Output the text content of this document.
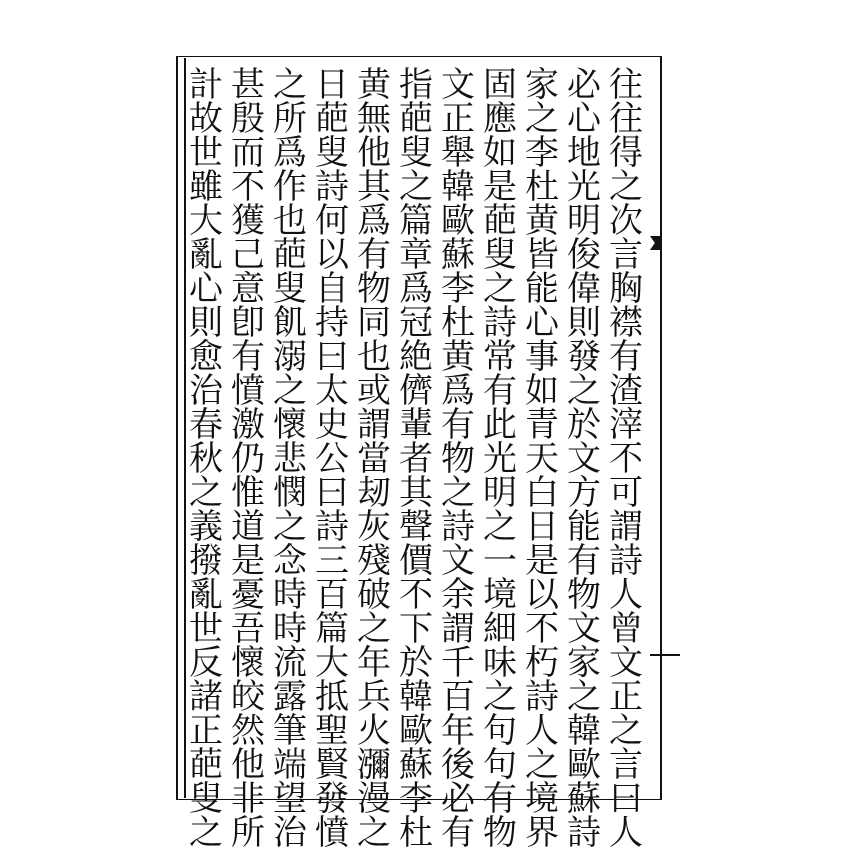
往
往
得
之
次
言
胸
襟
有
渣
滓
不
可
謂
詩
人
曾
文
正
之
言
曰
人
必
心
地
光
明
俊
偉
則
發
之
於
文
方
能
有
物
文
家
之
韓
歐
蘇
詩
家
之
李
杜
黄
皆
能
心
事
如
青
天
白
日
是
以
不
朽
詩
人
之
境
界
固
應
如
是
葩
叟
之
詩
常
有
此
光
明
之
一
境
細
味
之
句
句
有
物
文
正
舉
韓
歐
蘇
李
杜
黄
爲
有
物
之
詩
文
余
謂
千
百
年
後
必
有
指
葩
叟
之
篇
章
爲
冠
絶
儕
輩
者
其
聲
價
不
下
於
韓
歐
蘇
李
杜
黄
無
他
其
爲
有
物
同
也
或
謂
當
刼
灰
殘
破
之
年
兵
火
瀰
漫
之
日
葩
叟
詩
何
以
自
持
曰
太
史
公
曰
詩
三
百
篇
大
抵
聖
賢
發
憤
之
所
爲
作
也
葩
叟
飢
溺
之
懷
悲
憫
之
念
時
時
流
露
筆
端
望
治
甚
殷
而
不
獲
己
意
卽
有
憤
激
仍
惟
道
是
憂
吾
懷
皎
然
他
非
所
計
故
世
雖
大
亂
心
則
愈
治
春
秋
之
義
撥
亂
世
反
諸
正
葩
叟
之
